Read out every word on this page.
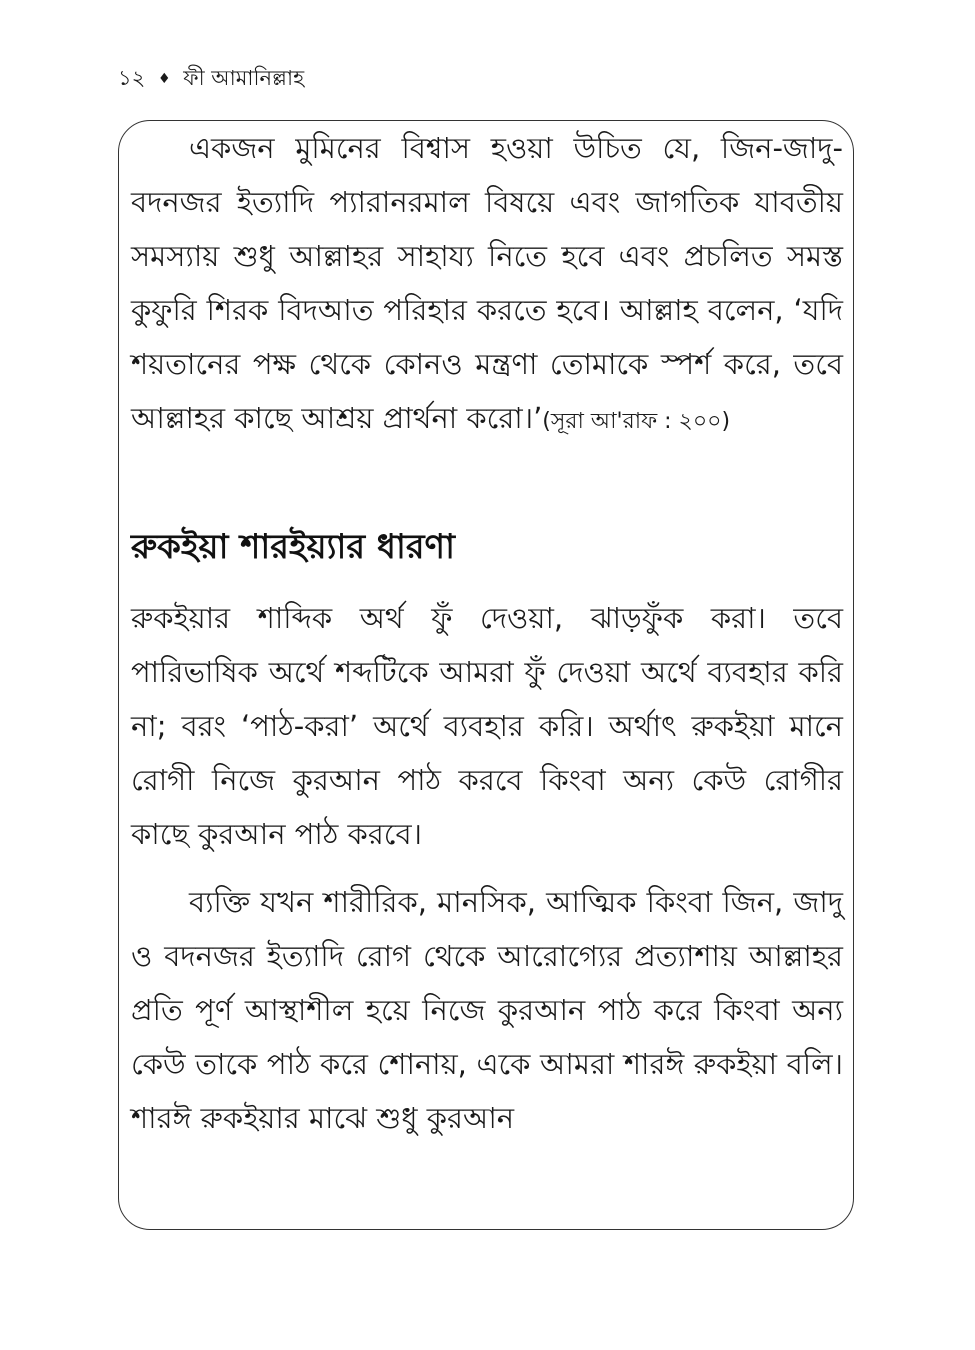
১২ ♦ ফী আমানিল্লাহ

একজন মুমিনের বিশ্বাস হওয়া উচিত যে, জিন-জাদু-বদনজর ইত্যাদি প্যারানরমাল বিষয়ে এবং জাগতিক যাবতীয় সমস্যায় শুধু আল্লাহর সাহায্য নিতে হবে এবং প্রচলিত সমস্ত কুফুরি শিরক বিদআত পরিহার করতে হবে। আল্লাহ বলেন, ‘যদি শয়তানের পক্ষ থেকে কোনও মন্ত্রণা তোমাকে স্পর্শ করে, তবে আল্লাহর কাছে আশ্রয় প্রার্থনা করো।’(সূরা আ'রাফ : ২০০)

রুকইয়া শারইয়্যার ধারণা

রুকইয়ার শাব্দিক অর্থ ফুঁ দেওয়া, ঝাড়ফুঁক করা। তবে পারিভাষিক অর্থে শব্দটিকে আমরা ফুঁ দেওয়া অর্থে ব্যবহার করি না; বরং ‘পাঠ-করা’ অর্থে ব্যবহার করি। অর্থাৎ রুকইয়া মানে রোগী নিজে কুরআন পাঠ করবে কিংবা অন্য কেউ রোগীর কাছে কুরআন পাঠ করবে।

ব্যক্তি যখন শারীরিক, মানসিক, আত্মিক কিংবা জিন, জাদু ও বদনজর ইত্যাদি রোগ থেকে আরোগ্যের প্রত্যাশায় আল্লাহর প্রতি পূর্ণ আস্থাশীল হয়ে নিজে কুরআন পাঠ করে কিংবা অন্য কেউ তাকে পাঠ করে শোনায়, একে আমরা শারঈ রুকইয়া বলি। শারঈ রুকইয়ার মাঝে শুধু কুরআন
